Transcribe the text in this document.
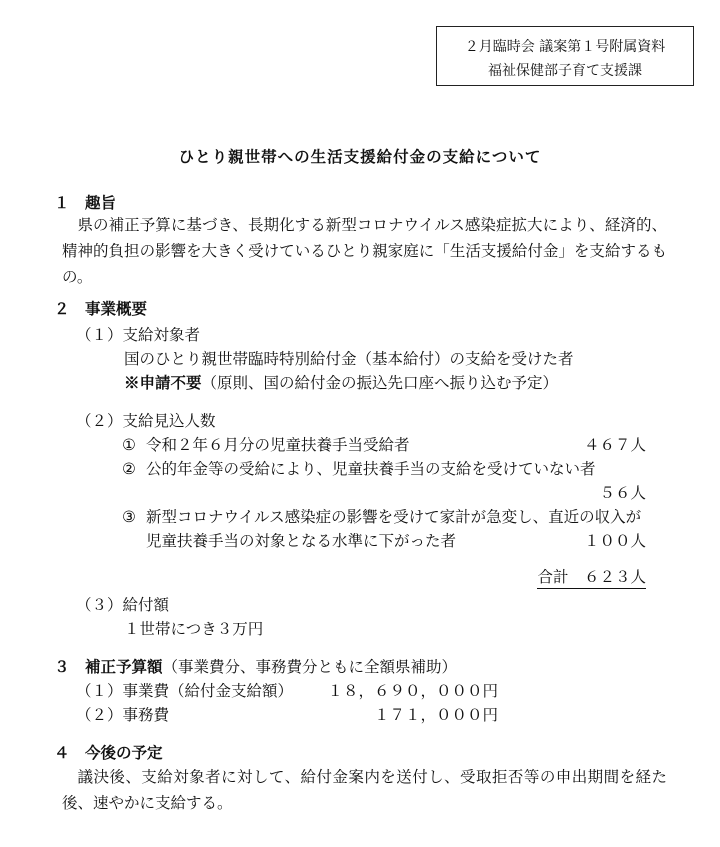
２月臨時会 議案第１号附属資料
福祉保健部子育て支援課
ひとり親世帯への生活支援給付金の支給について
１　趣旨
県の補正予算に基づき、長期化する新型コロナウイルス感染症拡大により、経済的、精神的負担の影響を大きく受けているひとり親家庭に「生活支援給付金」を支給するもの。
２　事業概要
（１）支給対象者
国のひとり親世帯臨時特別給付金（基本給付）の支給を受けた者
※申請不要（原則、国の給付金の振込先口座へ振り込む予定）
（２）支給見込人数
① 令和２年６月分の児童扶養手当受給者	４６７人
② 公的年金等の受給により、児童扶養手当の支給を受けていない者
５６人
③ 新型コロナウイルス感染症の影響を受けて家計が急変し、直近の収入が
児童扶養手当の対象となる水準に下がった者	１００人
合計　６２３人
（３）給付額
１世帯につき３万円
３　補正予算額（事業費分、事務費分ともに全額県補助）
（１）事業費（給付金支給額） １８，６９０，０００円
（２）事務費	１７１，０００円
４　今後の予定
議決後、支給対象者に対して、給付金案内を送付し、受取拒否等の申出期間を経た後、速やかに支給する。
